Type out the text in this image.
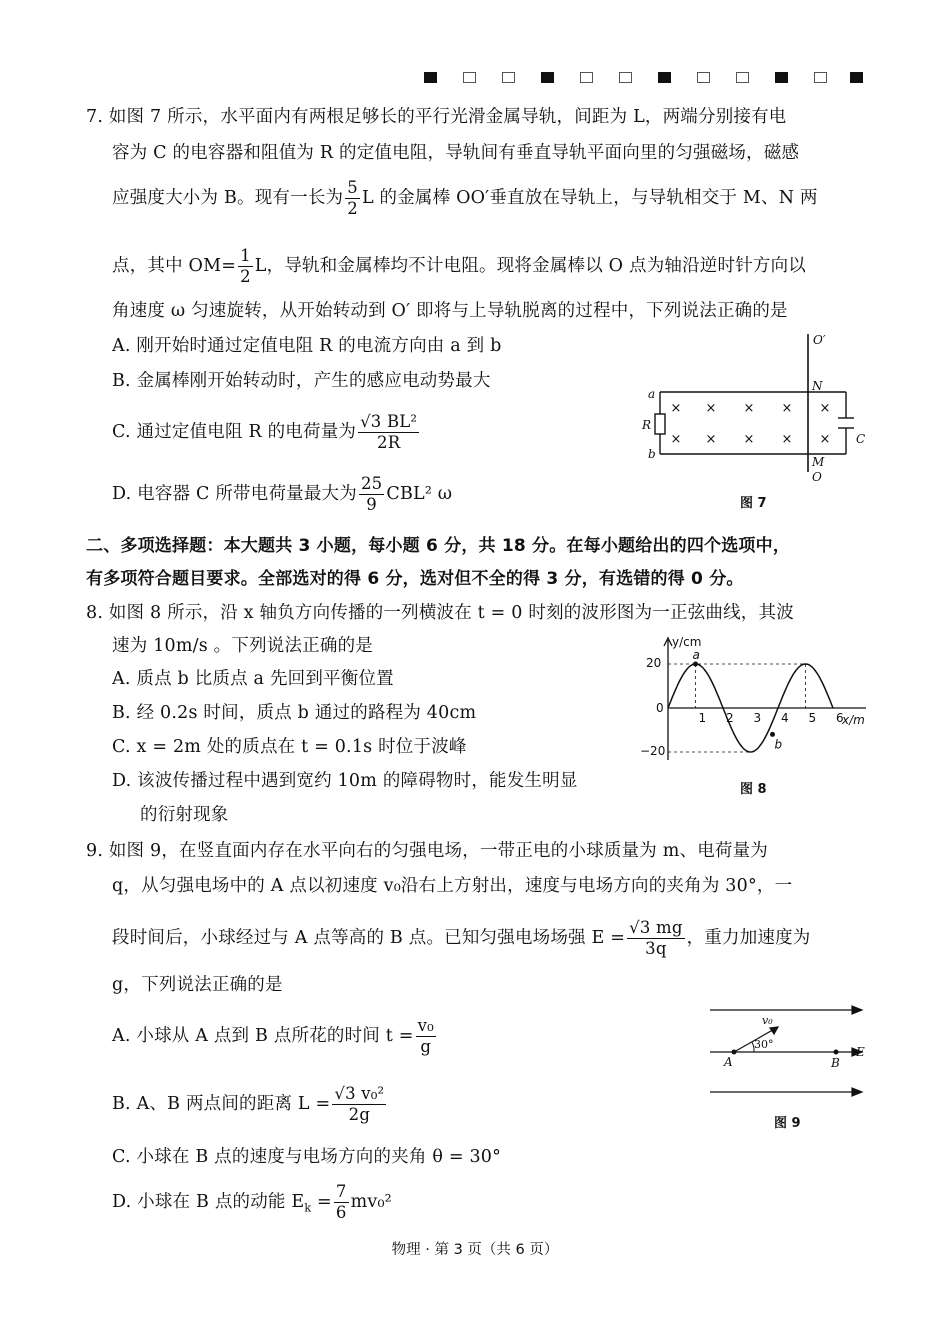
7. 如图 7 所示，水平面内有两根足够长的平行光滑金属导轨，间距为 L，两端分别接有电
容为 C 的电容器和阻值为 R 的定值电阻，导轨间有垂直导轨平面向里的匀强磁场，磁感
应强度大小为 B。现有一长为 $\frac{5}{2}$ L 的金属棒 OO′垂直放在导轨上，与导轨相交于 M、N 两
点，其中 $OM= \frac{1}{2}$ L，导轨和金属棒均不计电阻。现将金属棒以 O 点为轴沿逆时针方向以
角速度 ω 匀速旋转，从开始转动到 O′ 即将与上导轨脱离的过程中，下列说法正确的是
A. 刚开始时通过定值电阻 R 的电流方向由 a 到 b
B. 金属棒刚开始转动时，产生的感应电动势最大
C. 通过定值电阻 R 的电荷量为 $\frac{\text{√3 BL²}}{2R}$
D. 电容器 C 所带电荷量最大为 $\frac{25}{9} CBL^2$ ω
× × × ×
×
× × × ×
×
O′
N
a
R
b
C
M
O
图 7
二、多项选择题：本大题共 3 小题，每小题 6 分，共 18 分。在每小题给出的四个选项中，
有多项符合题目要求。全部选对的得 6 分，选对但不全的得 3 分，有选错的得 0 分。
8. 如图 8 所示，沿 x 轴负方向传播的一列横波在 t = 0 时刻的波形图为一正弦曲线，其波
速为 10m/s 。下列说法正确的是
A. 质点 b 比质点 a 先回到平衡位置
B. 经 0.2s 时间，质点 b 通过的路程为 40cm
C. x = 2m 处的质点在 t = 0.1s 时位于波峰
D. 该波传播过程中遇到宽约 10m 的障碍物时，能发生明显
的衍射现象
y/cm
x/m
20
0
−20
1 2 3 4 5 6
a
b
图 8
9. 如图 9，在竖直面内存在水平向右的匀强电场，一带正电的小球质量为 m、电荷量为
q，从匀强电场中的 A 点以初速度 v₀沿右上方射出，速度与电场方向的夹角为 30°，一
段时间后，小球经过与 A 点等高的 B 点。已知匀强电场场强 $E = \frac{√3 mg}{3q}$ ，重力加速度为
g，下列说法正确的是
A. 小球从 A 点到 B 点所花的时间 $t = \frac{\text{v₀}}{g}$
B. A、B 两点间的距离 $L = \frac{\text{√3 v₀²}}{2g}$
C. 小球在 B 点的速度与电场方向的夹角 θ = 30°
D. 小球在 B 点的动能 $E_k = \frac{7}{6} mv_0^2$
v₀
30°
A	B
E
图 9
物理 · 第 3 页（共 6 页）
